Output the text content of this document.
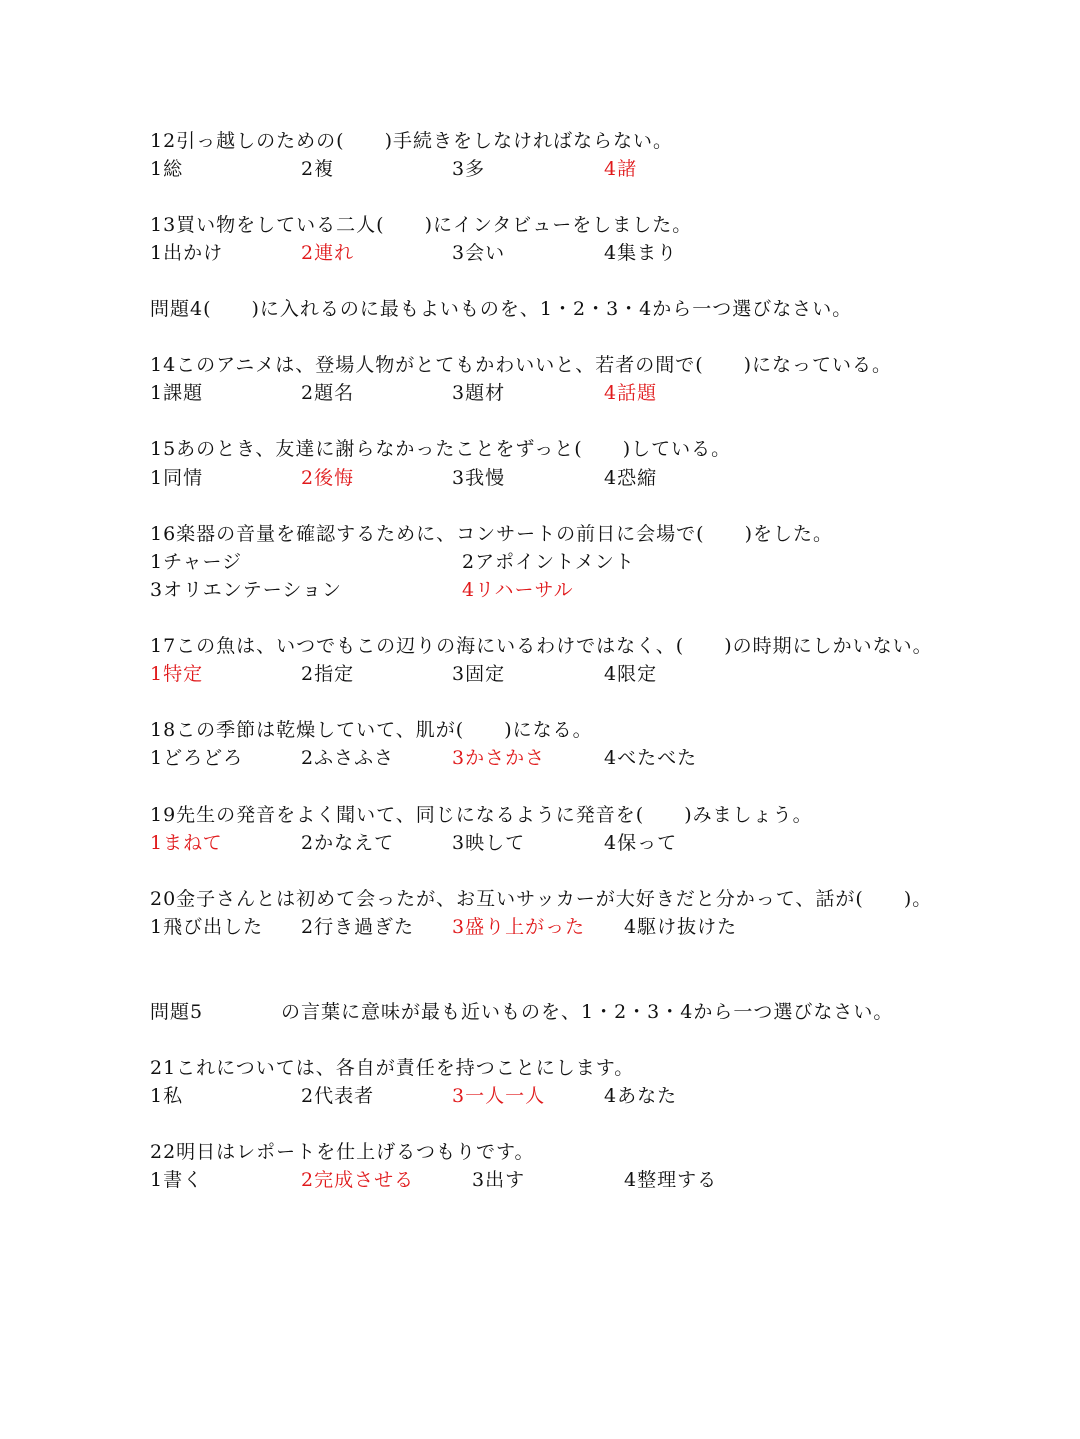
12引っ越しのための(　　)手続きをしなければならない。
1総	2複	3多	4諸
13買い物をしている二人(　　)にインタビューをしました。
1出かけ	2連れ	3会い	4集まり
問題4(　　)に入れるのに最もよいものを、1・2・3・4から一つ選びなさい。
14このアニメは、登場人物がとてもかわいいと、若者の間で(　　)になっている。
1課題	2題名	3題材	4話題
15あのとき、友達に謝らなかったことをずっと(　　)している。
1同情	2後悔	3我慢	4恐縮
16楽器の音量を確認するために、コンサートの前日に会場で(　　)をした。
1チャージ	2アポイントメント
3オリエンテーション	4リハーサル
17この魚は、いつでもこの辺りの海にいるわけではなく、(　　)の時期にしかいない。
1特定	2指定	3固定	4限定
18この季節は乾燥していて、肌が(　　)になる。
1どろどろ	2ふさふさ	3かさかさ	4べたべた
19先生の発音をよく聞いて、同じになるように発音を(　　)みましょう。
1まねて	2かなえて	3映して	4保って
20金子さんとは初めて会ったが、お互いサッカーが大好きだと分かって、話が(　　)。
1飛び出した 2行き過ぎた 3盛り上がった 4駆け抜けた
問題5	の言葉に意味が最も近いものを、1・2・3・4から一つ選びなさい。
21これについては、各自が責任を持つことにします。
1私	2代表者	3一人一人	4あなた
22明日はレポートを仕上げるつもりです。
1書く	2完成させる	3出す	4整理する
